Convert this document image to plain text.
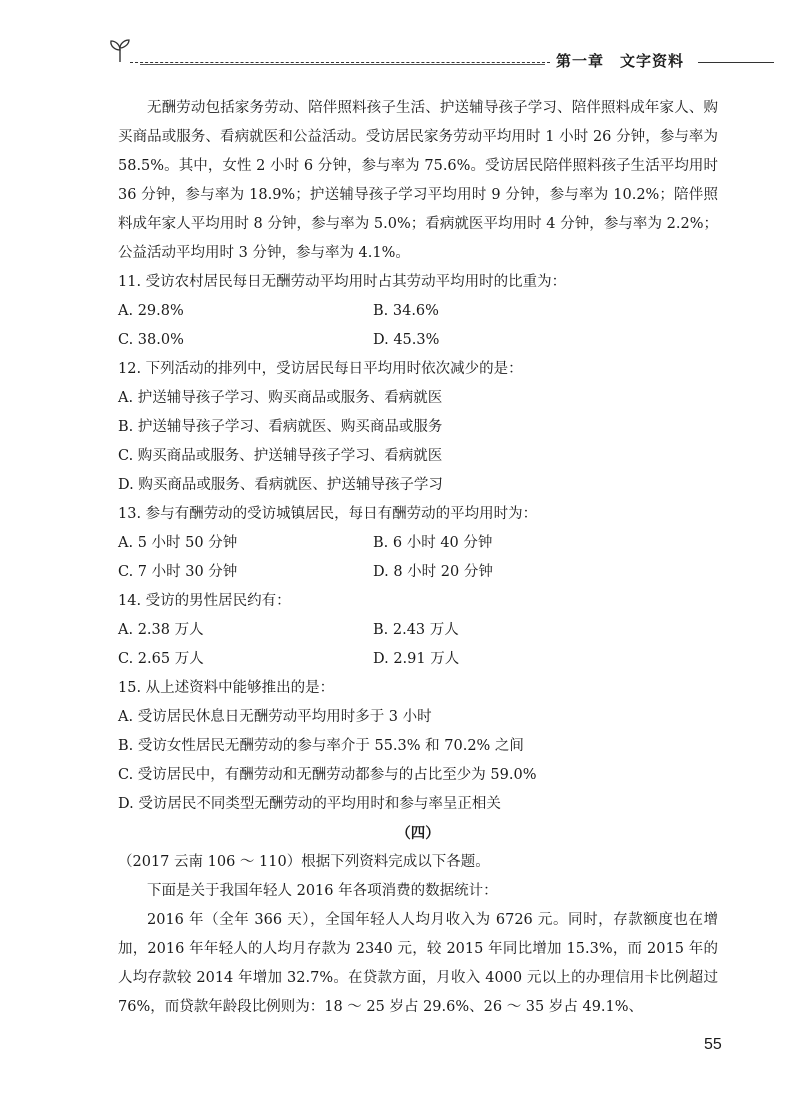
第一章　文字资料

无酬劳动包括家务劳动、陪伴照料孩子生活、护送辅导孩子学习、陪伴照料成年家人、购买商品或服务、看病就医和公益活动。受访居民家务劳动平均用时 1 小时 26 分钟，参与率为 58.5%。其中，女性 2 小时 6 分钟，参与率为 75.6%。受访居民陪伴照料孩子生活平均用时 36 分钟，参与率为 18.9%；护送辅导孩子学习平均用时 9 分钟，参与率为 10.2%；陪伴照料成年家人平均用时 8 分钟，参与率为 5.0%；看病就医平均用时 4 分钟，参与率为 2.2%；公益活动平均用时 3 分钟，参与率为 4.1%。

11. 受访农村居民每日无酬劳动平均用时占其劳动平均用时的比重为：

A. 29.8%	B. 34.6%
C. 38.0%	D. 45.3%

12. 下列活动的排列中，受访居民每日平均用时依次减少的是：

A. 护送辅导孩子学习、购买商品或服务、看病就医

B. 护送辅导孩子学习、看病就医、购买商品或服务

C. 购买商品或服务、护送辅导孩子学习、看病就医

D. 购买商品或服务、看病就医、护送辅导孩子学习

13. 参与有酬劳动的受访城镇居民，每日有酬劳动的平均用时为：

A. 5 小时 50 分钟	B. 6 小时 40 分钟
C. 7 小时 30 分钟	D. 8 小时 20 分钟

14. 受访的男性居民约有：

A. 2.38 万人	B. 2.43 万人
C. 2.65 万人	D. 2.91 万人

15. 从上述资料中能够推出的是：

A. 受访居民休息日无酬劳动平均用时多于 3 小时

B. 受访女性居民无酬劳动的参与率介于 55.3% 和 70.2% 之间

C. 受访居民中，有酬劳动和无酬劳动都参与的占比至少为 59.0%

D. 受访居民不同类型无酬劳动的平均用时和参与率呈正相关

（四）

（2017 云南 106 ～ 110）根据下列资料完成以下各题。

下面是关于我国年轻人 2016 年各项消费的数据统计：

2016 年（全年 366 天），全国年轻人人均月收入为 6726 元。同时，存款额度也在增加，2016 年年轻人的人均月存款为 2340 元，较 2015 年同比增加 15.3%，而 2015 年的人均存款较 2014 年增加 32.7%。在贷款方面，月收入 4000 元以上的办理信用卡比例超过 76%，而贷款年龄段比例则为：18 ～ 25 岁占 29.6%、26 ～ 35 岁占 49.1%、

55
